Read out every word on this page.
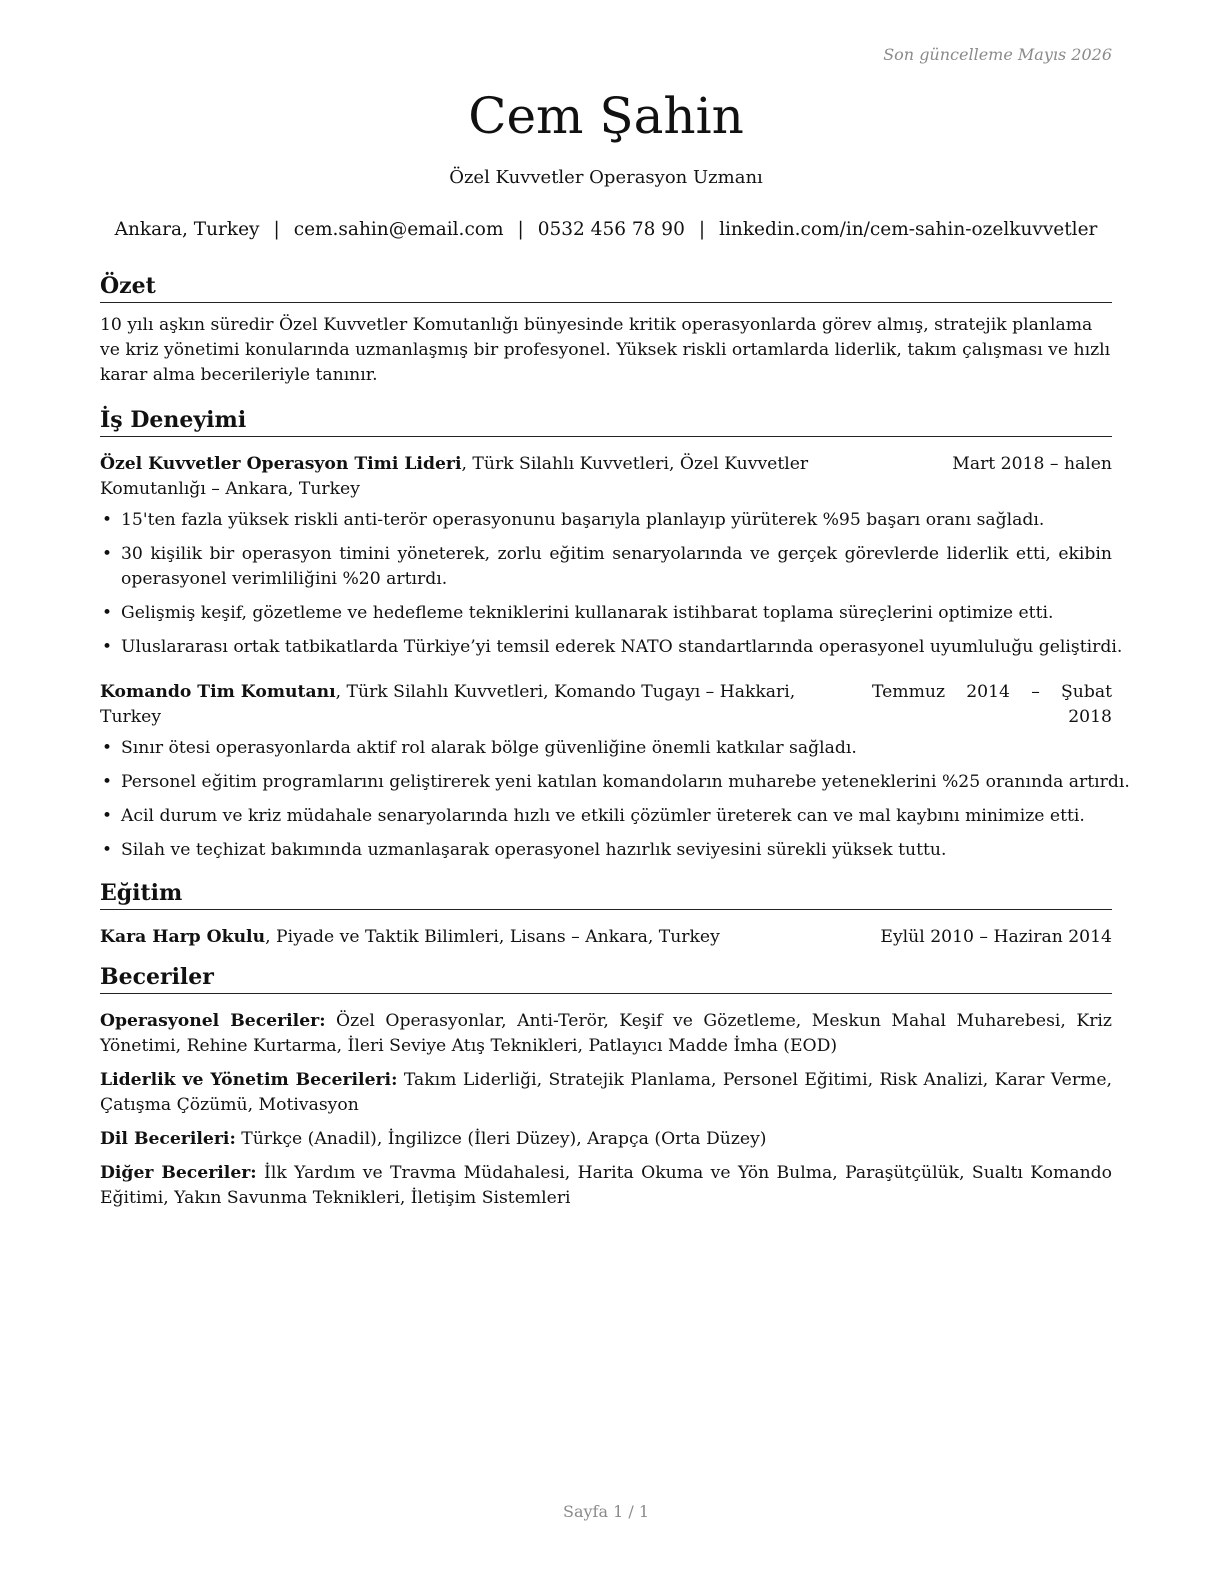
Son güncelleme Mayıs 2026
Cem Şahin
Özel Kuvvetler Operasyon Uzmanı
Ankara, Turkey | cem.sahin@email.com | 0532 456 78 90 | linkedin.com/in/cem-sahin-ozelkuvvetler
Özet

10 yılı aşkın süredir Özel Kuvvetler Komutanlığı bünyesinde kritik operasyonlarda görev almış, stratejik planlama ve kriz yönetimi konularında uzmanlaşmış bir profesyonel. Yüksek riskli ortamlarda liderlik, takım çalışması ve hızlı karar alma becerileriyle tanınır.

İş Deneyimi
Özel Kuvvetler Operasyon Timi Lideri, Türk Silahlı Kuvvetleri, Özel Kuvvetler Komutanlığı – Ankara, Turkey
Mart 2018 – halen
• 15'ten fazla yüksek riskli anti-terör operasyonunu başarıyla planlayıp yürüterek %95 başarı oranı sağladı.
• 30 kişilik bir operasyon timini yöneterek, zorlu eğitim senaryolarında ve gerçek görevlerde liderlik etti, ekibin operasyonel verimliliğini %20 artırdı.
• Gelişmiş keşif, gözetleme ve hedefleme tekniklerini kullanarak istihbarat toplama süreçlerini optimize etti.
• Uluslararası ortak tatbikatlarda Türkiye’yi temsil ederek NATO standartlarında operasyonel uyumluluğu geliştirdi.
Komando Tim Komutanı, Türk Silahlı Kuvvetleri, Komando Tugayı – Hakkari, Turkey
Temmuz 2014 – Şubat 2018
• Sınır ötesi operasyonlarda aktif rol alarak bölge güvenliğine önemli katkılar sağladı.
• Personel eğitim programlarını geliştirerek yeni katılan komandoların muharebe yeteneklerini %25 oranında artırdı.
• Acil durum ve kriz müdahale senaryolarında hızlı ve etkili çözümler üreterek can ve mal kaybını minimize etti.
• Silah ve teçhizat bakımında uzmanlaşarak operasyonel hazırlık seviyesini sürekli yüksek tuttu.
Eğitim
Kara Harp Okulu, Piyade ve Taktik Bilimleri, Lisans – Ankara, Turkey	Eylül 2010 – Haziran 2014
Beceriler

Operasyonel Beceriler: Özel Operasyonlar, Anti-Terör, Keşif ve Gözetleme, Meskun Mahal Muharebesi, Kriz Yönetimi, Rehine Kurtarma, İleri Seviye Atış Teknikleri, Patlayıcı Madde İmha (EOD)

Liderlik ve Yönetim Becerileri: Takım Liderliği, Stratejik Planlama, Personel Eğitimi, Risk Analizi, Karar Verme, Çatışma Çözümü, Motivasyon

Dil Becerileri: Türkçe (Anadil), İngilizce (İleri Düzey), Arapça (Orta Düzey)

Diğer Beceriler: İlk Yardım ve Travma Müdahalesi, Harita Okuma ve Yön Bulma, Paraşütçülük, Sualtı Komando Eğitimi, Yakın Savunma Teknikleri, İletişim Sistemleri

Sayfa 1 / 1
